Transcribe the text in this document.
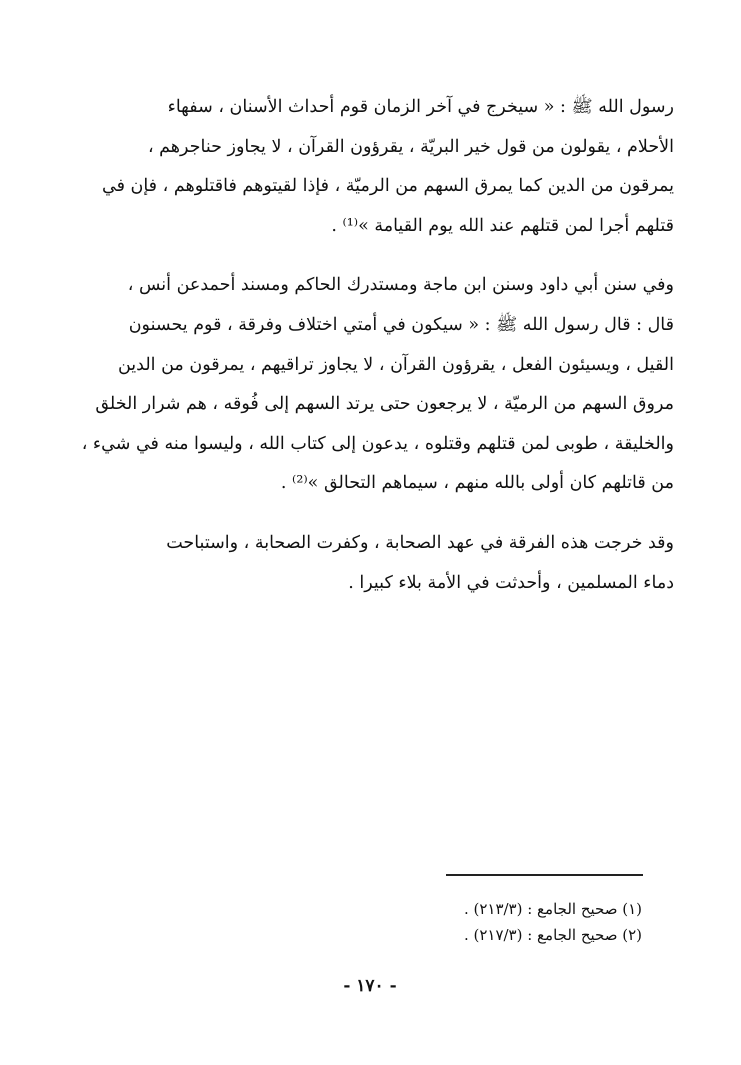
رسول الله ﷺ : « سيخرج في آخر الزمان قوم أحداث الأسنان ، سفهاء
الأحلام ، يقولون من قول خير البريّة ، يقرؤون القرآن ، لا يجاوز حناجرهم ،
يمرقون من الدين كما يمرق السهم من الرميّة ، فإذا لقيتوهم فاقتلوهم ، فإن في
قتلهم أجرا لمن قتلهم عند الله يوم القيامة »⁽¹⁾ .

وفي سنن أبي داود وسنن ابن ماجة ومستدرك الحاكم ومسند أحمدعن أنس ،
قال : قال رسول الله ﷺ : « سيكون في أمتي اختلاف وفرقة ، قوم يحسنون
القيل ، ويسيئون الفعل ، يقرؤون القرآن ، لا يجاوز تراقيهم ، يمرقون من الدين
مروق السهم من الرميّة ، لا يرجعون حتى يرتد السهم إلى فُوقه ، هم شرار الخلق
والخليقة ، طوبى لمن قتلهم وقتلوه ، يدعون إلى كتاب الله ، وليسوا منه في شيء ،
من قاتلهم كان أولى بالله منهم ، سيماهم التحالق »⁽²⁾ .

وقد خرجت هذه الفرقة في عهد الصحابة ، وكفرت الصحابة ، واستباحت
دماء المسلمين ، وأحدثت في الأمة بلاء كبيرا .

(١) صحيح الجامع : (٢١٣/٣) .
(٢) صحيح الجامع : (٢١٧/٣) .
- ١٧٠ -
